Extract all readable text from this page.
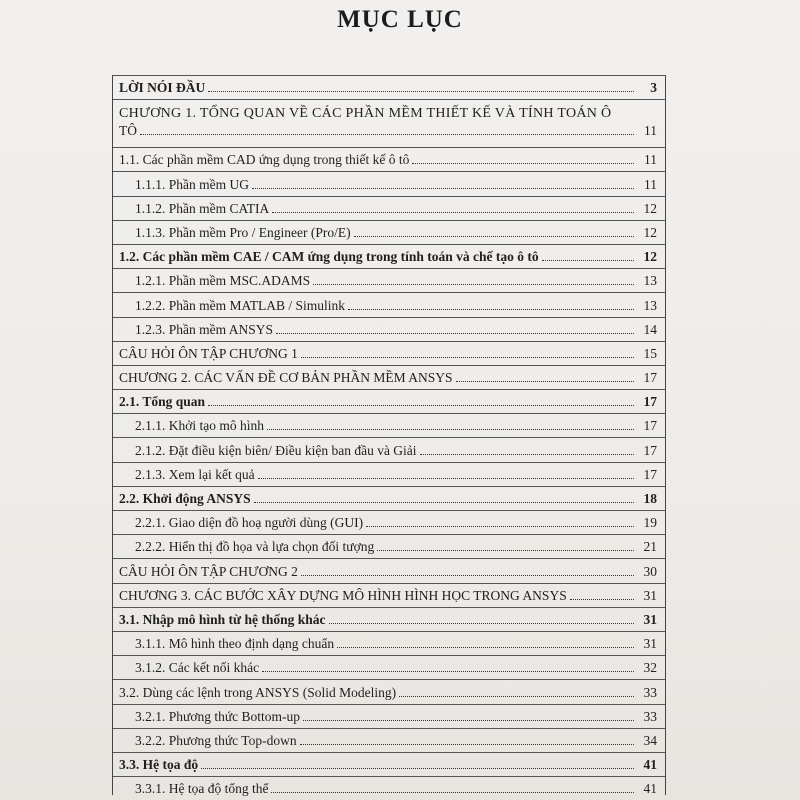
MỤC LỤC
LỜI NÓI ĐẦU	3
CHƯƠNG 1. TỔNG QUAN VỀ CÁC PHẦN MỀM THIẾT KẾ VÀ TÍNH TOÁN Ô
TÔ	11
1.1. Các phần mềm CAD ứng dụng trong thiết kế ô tô	11
1.1.1. Phần mềm UG	11
1.1.2. Phần mềm CATIA	12
1.1.3. Phần mềm Pro / Engineer (Pro/E)	12
1.2. Các phần mềm CAE / CAM ứng dụng trong tính toán và chế tạo ô tô	12
1.2.1. Phần mềm MSC.ADAMS	13
1.2.2. Phần mềm MATLAB / Simulink	13
1.2.3. Phần mềm ANSYS	14
CÂU HỎI ÔN TẬP CHƯƠNG 1	15
CHƯƠNG 2. CÁC VẤN ĐỀ CƠ BẢN PHẦN MỀM ANSYS	17
2.1. Tổng quan	17
2.1.1. Khởi tạo mô hình	17
2.1.2. Đặt điều kiện biên/ Điều kiện ban đầu và Giải	17
2.1.3. Xem lại kết quả	17
2.2. Khởi động ANSYS	18
2.2.1. Giao diện đồ hoạ người dùng (GUI)	19
2.2.2. Hiển thị đồ họa và lựa chọn đối tượng	21
CÂU HỎI ÔN TẬP CHƯƠNG 2	30
CHƯƠNG 3. CÁC BƯỚC XÂY DỰNG MÔ HÌNH HÌNH HỌC TRONG ANSYS	31
3.1. Nhập mô hình từ hệ thống khác	31
3.1.1. Mô hình theo định dạng chuẩn	31
3.1.2. Các kết nối khác	32
3.2. Dùng các lệnh trong ANSYS (Solid Modeling)	33
3.2.1. Phương thức Bottom-up	33
3.2.2. Phương thức Top-down	34
3.3. Hệ tọa độ	41
3.3.1. Hệ tọa độ tổng thể	41
